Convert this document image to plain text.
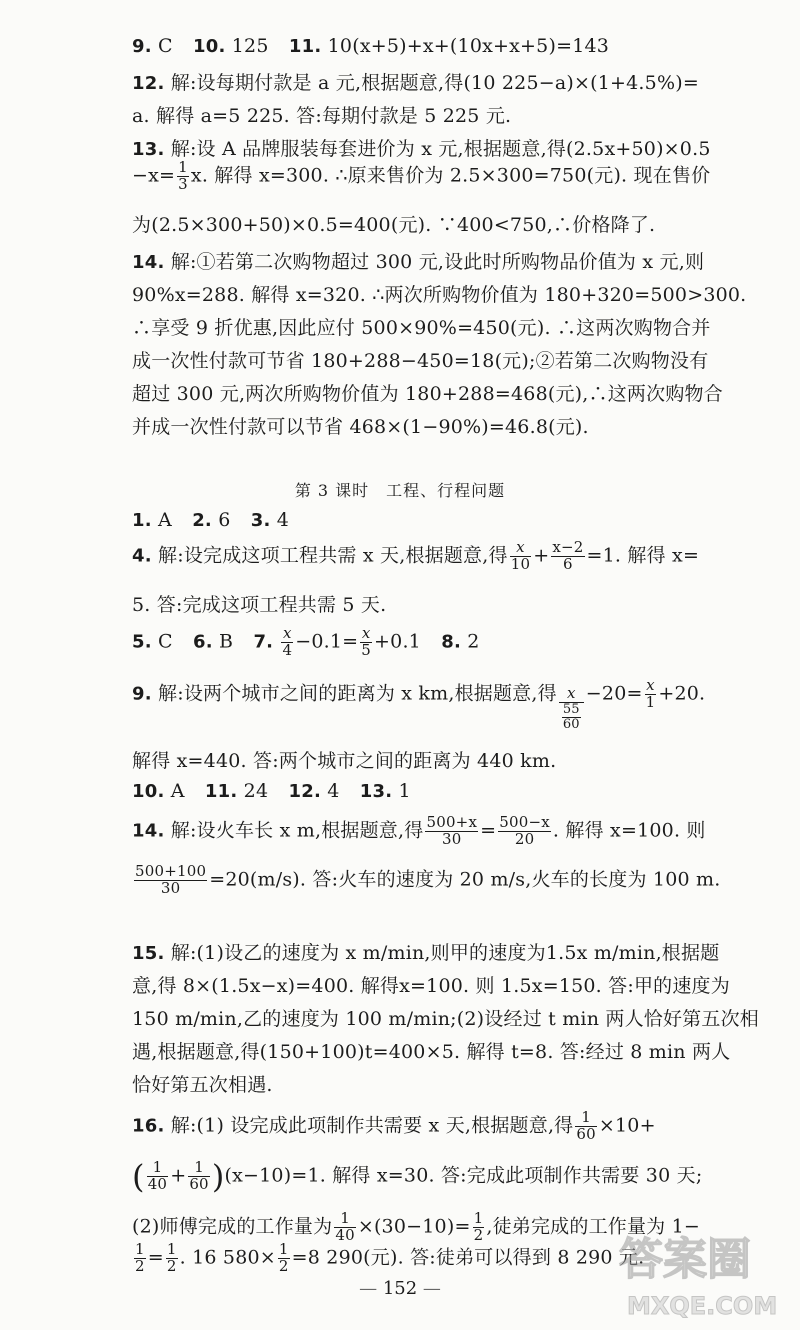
9. C 10. 125 11. 10(x+5)+x+(10x+x+5)=143
12. 解:设每期付款是 a 元,根据题意,得(10 225−a)×(1+4.5%)=
a. 解得 a=5 225. 答:每期付款是 5 225 元.
13. 解:设 A 品牌服装每套进价为 x 元,根据题意,得(2.5x+50)×0.5
$-x= \frac{1}{3} x$. 解得 x=300. ∴原来售价为 2.5×300=750(元). 现在售价
为(2.5×300+50)×0.5=400(元). ∵400<750,∴价格降了.
14. 解:①若第二次购物超过 300 元,设此时所购物品价值为 x 元,则
90%x=288. 解得 x=320. ∴两次所购物价值为 180+320=500>300.
∴享受 9 折优惠,因此应付 500×90%=450(元). ∴这两次购物合并
成一次性付款可节省 180+288−450=18(元);②若第二次购物没有
超过 300 元,两次所购物价值为 180+288=468(元),∴这两次购物合
并成一次性付款可以节省 468×(1−90%)=46.8(元).
第 3 课时　工程、行程问题
1. A 2. 6 3. 4
4. 解:设完成这项工程共需 x 天,根据题意,得 $\frac{x}{10} + \frac{x-2}{6} =1$. 解得 x=
5. 答:完成这项工程共需 5 天.
5. C 6. B 7. $\frac{x}{4} -0.1= \frac{x}{5} +0.1$ 8. 2
9. 解:设两个城市之间的距离为 x km,根据题意,得 $\frac{x}{\frac{55}{60}} -20= \frac{x}{1} +20$.
解得 x=440. 答:两个城市之间的距离为 440 km.
10. A 11. 24 12. 4 13. 1
14. 解:设火车长 x m,根据题意,得 $\frac{500+x}{30} = \frac{500-x}{20}$ . 解得 x=100. 则
$\frac{500+100}{30} =20(m/s)$. 答:火车的速度为 20 m/s,火车的长度为 100 m.
15. 解:(1)设乙的速度为 x m/min,则甲的速度为1.5x m/min,根据题
意,得 8×(1.5x−x)=400. 解得x=100. 则 1.5x=150. 答:甲的速度为
150 m/min,乙的速度为 100 m/min;(2)设经过 t min 两人恰好第五次相
遇,根据题意,得(150+100)t=400×5. 解得 t=8. 答:经过 8 min 两人
恰好第五次相遇.
16. 解:(1) 设完成此项制作共需要 x 天,根据题意,得 $\frac{1}{60} \times 10+$
( $\frac{1}{40} + \frac{1}{60} )(x-10)=1$. 解得 x=30. 答:完成此项制作共需要 30 天;
(2)师傅完成的工作量为 $\frac{1}{40} \times(30-10)= \frac{1}{2}$ ,徒弟完成的工作量为 1−
$\frac{1}{2} = \frac{1}{2}$ . 16 $580\times \frac{1}{2} =8$ 290(元). 答:徒弟可以得到 8 290 元.
— 152 —
答案圈
MXQE.COM
